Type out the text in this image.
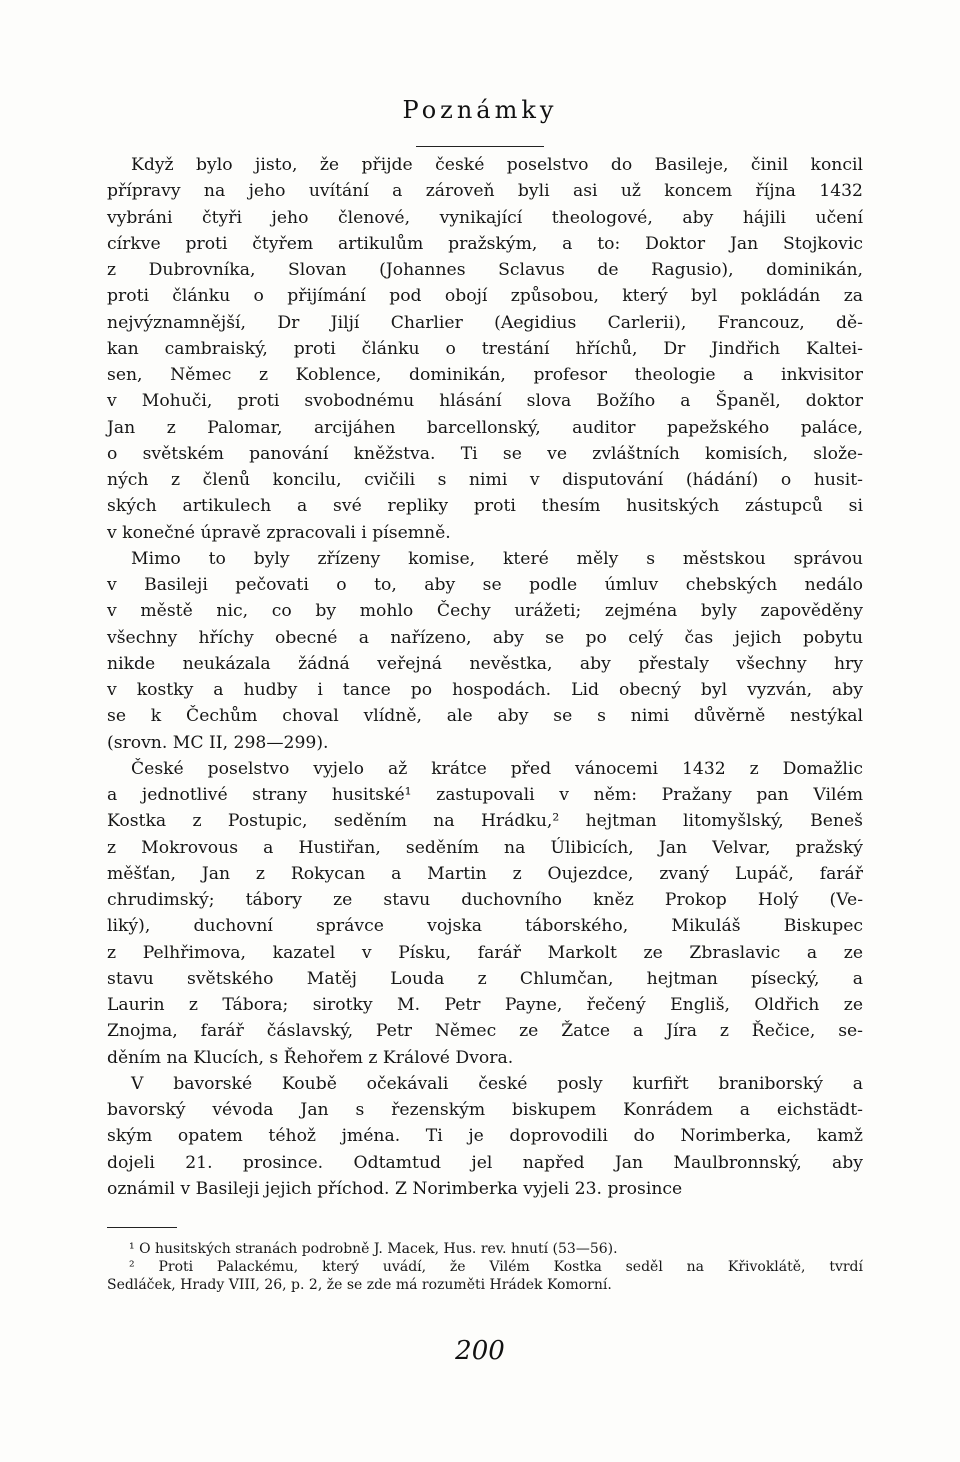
Poznámky
Když bylo jisto, že přijde české poselstvo do Basileje, činil koncil
přípravy na jeho uvítání a zároveň byli asi už koncem října 1432
vybráni čtyři jeho členové, vynikající theologové, aby hájili učení
církve proti čtyřem artikulům pražským, a to: Doktor Jan Stojkovic
z Dubrovníka, Slovan (Johannes Sclavus de Ragusio), dominikán,
proti článku o přijímání pod obojí způsobou, který byl pokládán za
nejvýznamnější, Dr Jiljí Charlier (Aegidius Carlerii), Francouz, dě-
kan cambraiský, proti článku o trestání hříchů, Dr Jindřich Kaltei-
sen, Němec z Koblence, dominikán, profesor theologie a inkvisitor
v Mohuči, proti svobodnému hlásání slova Božího a Španěl, doktor
Jan z Palomar, arcijáhen barcellonský, auditor papežského paláce,
o světském panování kněžstva. Ti se ve zvláštních komisích, slože-
ných z členů koncilu, cvičili s nimi v disputování (hádání) o husit-
ských artikulech a své repliky proti thesím husitských zástupců si
v konečné úpravě zpracovali i písemně.
Mimo to byly zřízeny komise, které měly s městskou správou
v Basileji pečovati o to, aby se podle úmluv chebských nedálo
v městě nic, co by mohlo Čechy urážeti; zejména byly zapověděny
všechny hříchy obecné a nařízeno, aby se po celý čas jejich pobytu
nikde neukázala žádná veřejná nevěstka, aby přestaly všechny hry
v kostky a hudby i tance po hospodách. Lid obecný byl vyzván, aby
se k Čechům choval vlídně, ale aby se s nimi důvěrně nestýkal
(srovn. MC II, 298—299).
České poselstvo vyjelo až krátce před vánocemi 1432 z Domažlic
a jednotlivé strany husitské¹ zastupovali v něm: Pražany pan Vilém
Kostka z Postupic, seděním na Hrádku,² hejtman litomyšlský, Beneš
z Mokrovous a Hustiřan, seděním na Úlibicích, Jan Velvar, pražský
měšťan, Jan z Rokycan a Martin z Oujezdce, zvaný Lupáč, farář
chrudimský; tábory ze stavu duchovního kněz Prokop Holý (Ve-
liký), duchovní správce vojska táborského, Mikuláš Biskupec
z Pelhřimova, kazatel v Písku, farář Markolt ze Zbraslavic a ze
stavu světského Matěj Louda z Chlumčan, hejtman písecký, a
Laurin z Tábora; sirotky M. Petr Payne, řečený Engliš, Oldřich ze
Znojma, farář čáslavský, Petr Němec ze Žatce a Jíra z Řečice, se-
děním na Klucích, s Řehořem z Králové Dvora.
V bavorské Koubě očekávali české posly kurfiřt braniborský a
bavorský vévoda Jan s řezenským biskupem Konrádem a eichstädt-
ským opatem téhož jména. Ti je doprovodili do Norimberka, kamž
dojeli 21. prosince. Odtamtud jel napřed Jan Maulbronnský, aby
oznámil v Basileji jejich příchod. Z Norimberka vyjeli 23. prosince
¹ O husitských stranách podrobně J. Macek, Hus. rev. hnutí (53—56).
² Proti Palackému, který uvádí, že Vilém Kostka seděl na Křivoklátě, tvrdí
Sedláček, Hrady VIII, 26, p. 2, že se zde má rozuměti Hrádek Komorní.
200
